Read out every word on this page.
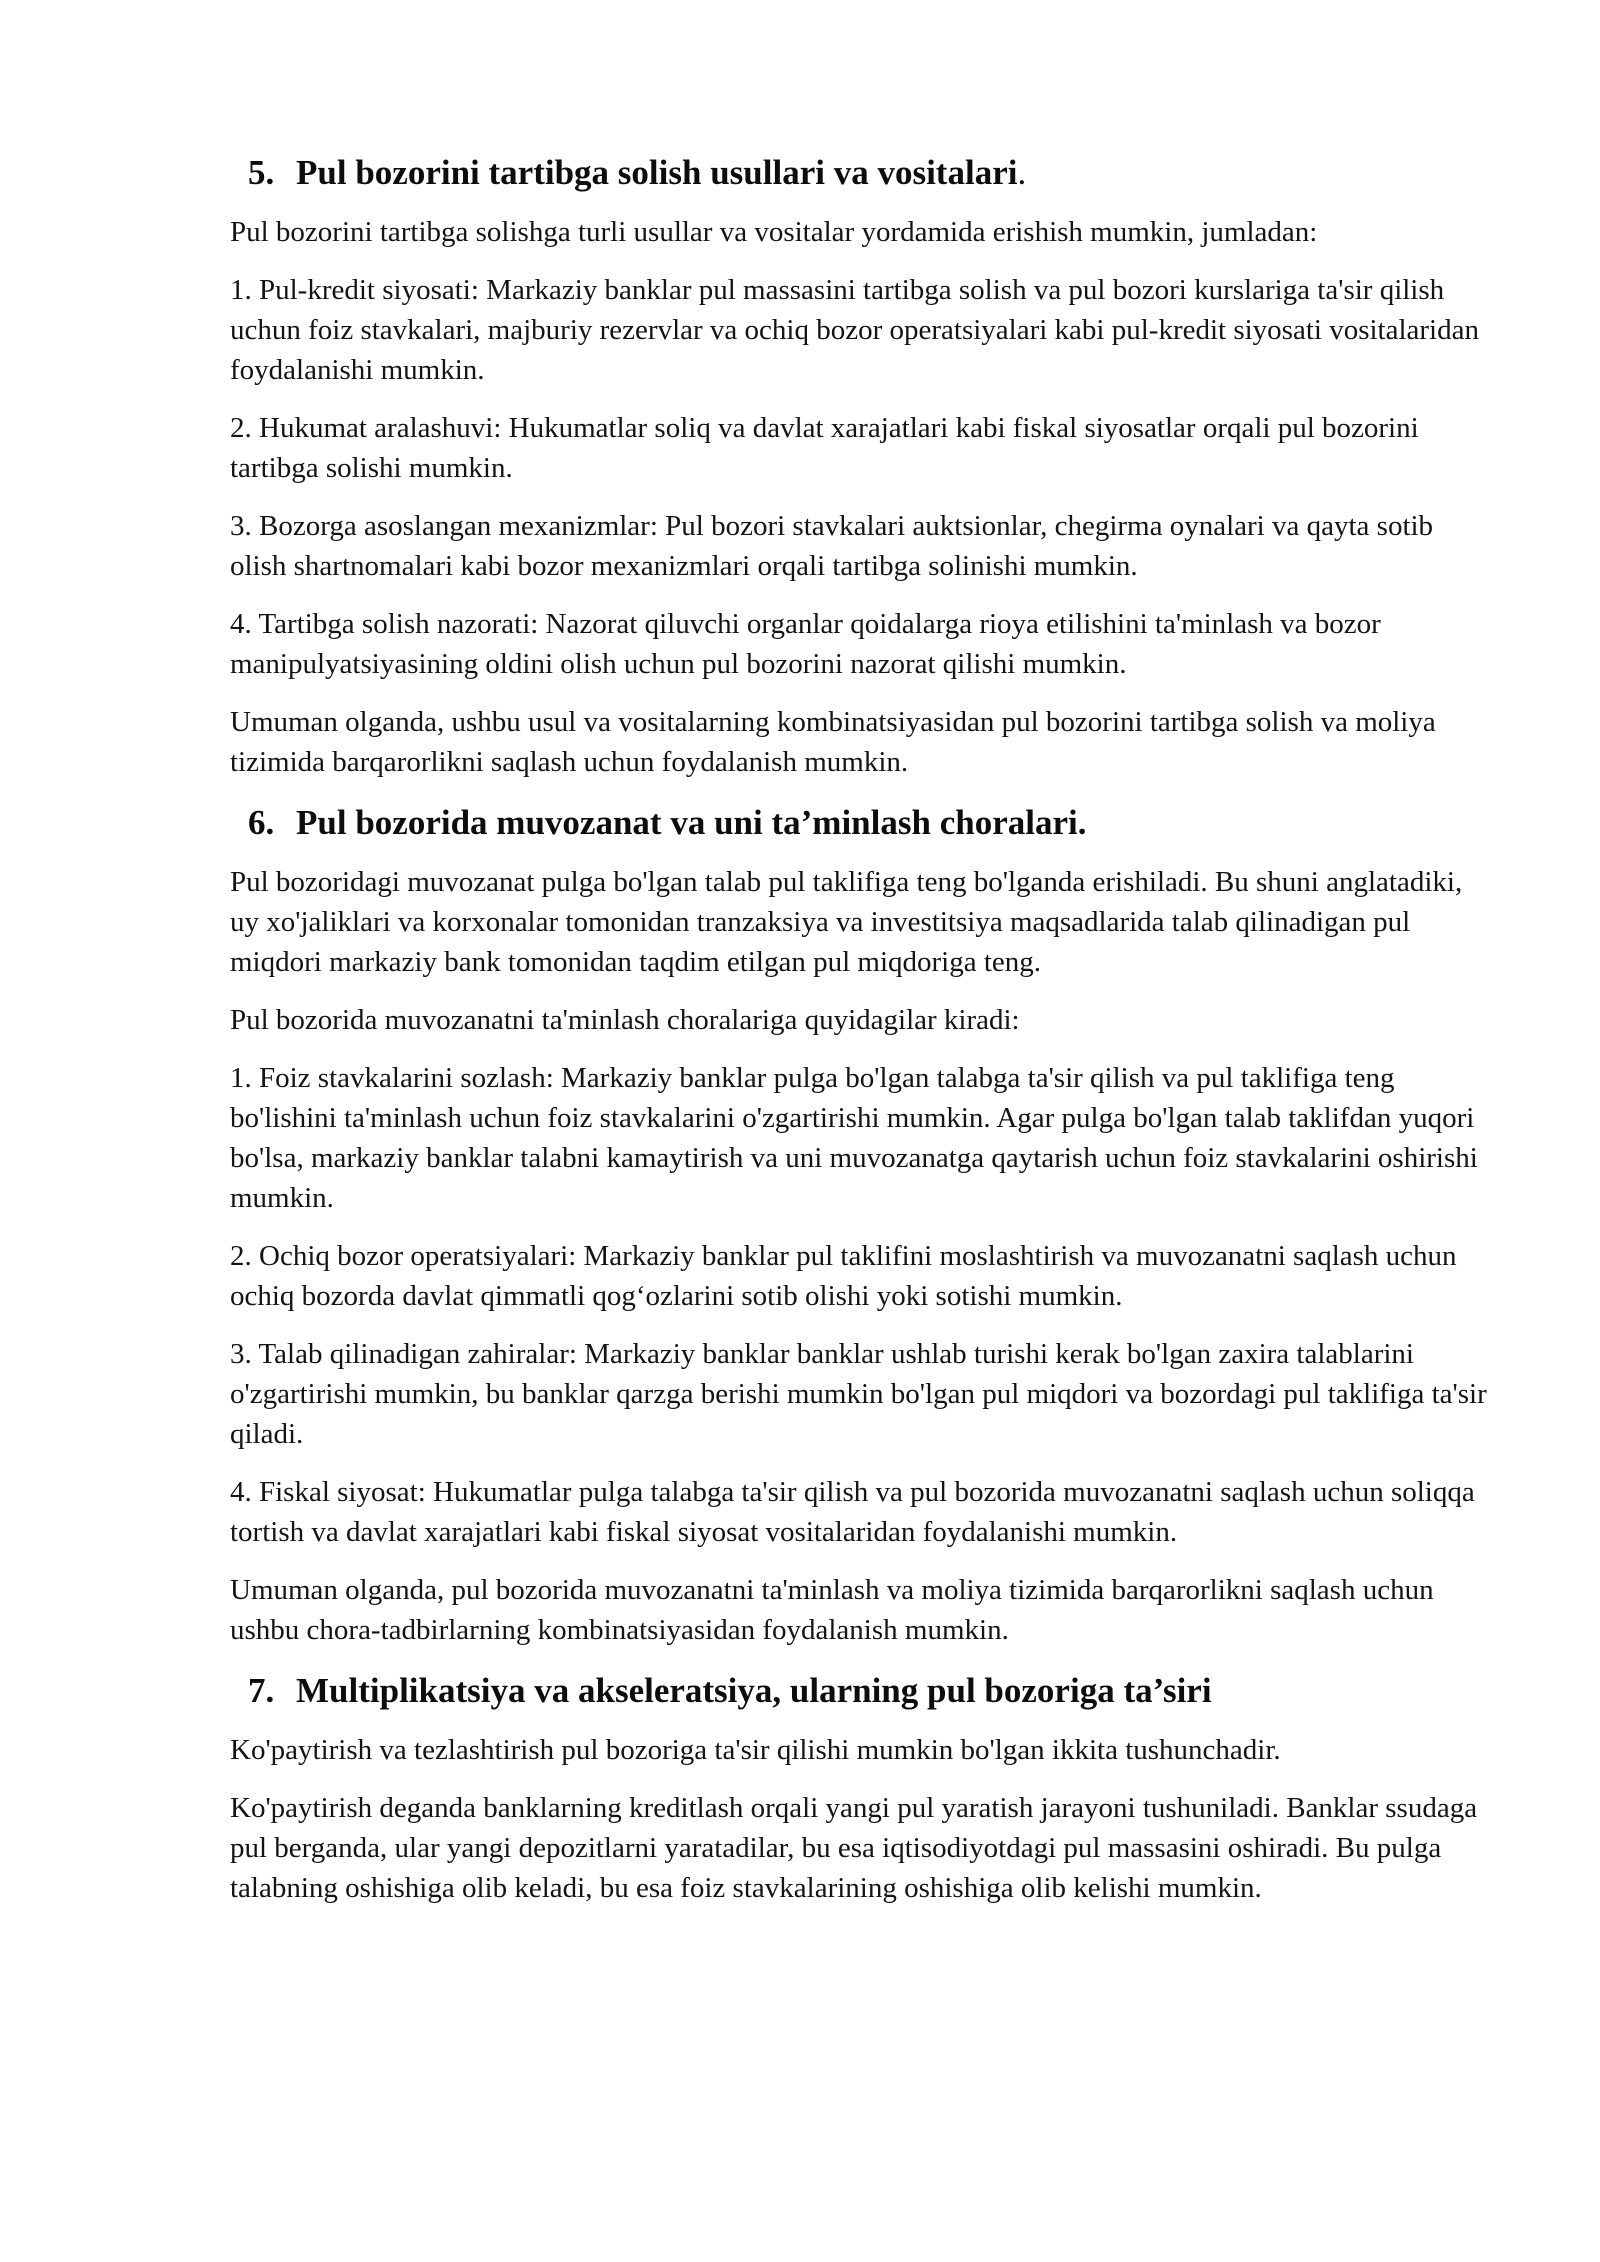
5. Pul bozorini tartibga solish usullari va vositalari.

Pul bozorini tartibga solishga turli usullar va vositalar yordamida erishish mumkin, jumladan:

1. Pul-kredit siyosati: Markaziy banklar pul massasini tartibga solish va pul bozori kurslariga ta'sir qilish uchun foiz stavkalari, majburiy rezervlar va ochiq bozor operatsiyalari kabi pul-kredit siyosati vositalaridan foydalanishi mumkin.

2. Hukumat aralashuvi: Hukumatlar soliq va davlat xarajatlari kabi fiskal siyosatlar orqali pul bozorini tartibga solishi mumkin.

3. Bozorga asoslangan mexanizmlar: Pul bozori stavkalari auktsionlar, chegirma oynalari va qayta sotib olish shartnomalari kabi bozor mexanizmlari orqali tartibga solinishi mumkin.

4. Tartibga solish nazorati: Nazorat qiluvchi organlar qoidalarga rioya etilishini ta'minlash va bozor manipulyatsiyasining oldini olish uchun pul bozorini nazorat qilishi mumkin.

Umuman olganda, ushbu usul va vositalarning kombinatsiyasidan pul bozorini tartibga solish va moliya tizimida barqarorlikni saqlash uchun foydalanish mumkin.

6. Pul bozorida muvozanat va uni ta’minlash choralari.

Pul bozoridagi muvozanat pulga bo'lgan talab pul taklifiga teng bo'lganda erishiladi. Bu shuni anglatadiki, uy xo'jaliklari va korxonalar tomonidan tranzaksiya va investitsiya maqsadlarida talab qilinadigan pul miqdori markaziy bank tomonidan taqdim etilgan pul miqdoriga teng.

Pul bozorida muvozanatni ta'minlash choralariga quyidagilar kiradi:

1. Foiz stavkalarini sozlash: Markaziy banklar pulga bo'lgan talabga ta'sir qilish va pul taklifiga teng bo'lishini ta'minlash uchun foiz stavkalarini o'zgartirishi mumkin. Agar pulga bo'lgan talab taklifdan yuqori bo'lsa, markaziy banklar talabni kamaytirish va uni muvozanatga qaytarish uchun foiz stavkalarini oshirishi mumkin.

2. Ochiq bozor operatsiyalari: Markaziy banklar pul taklifini moslashtirish va muvozanatni saqlash uchun ochiq bozorda davlat qimmatli qog‘ozlarini sotib olishi yoki sotishi mumkin.

3. Talab qilinadigan zahiralar: Markaziy banklar banklar ushlab turishi kerak bo'lgan zaxira talablarini o'zgartirishi mumkin, bu banklar qarzga berishi mumkin bo'lgan pul miqdori va bozordagi pul taklifiga ta'sir qiladi.

4. Fiskal siyosat: Hukumatlar pulga talabga ta'sir qilish va pul bozorida muvozanatni saqlash uchun soliqqa tortish va davlat xarajatlari kabi fiskal siyosat vositalaridan foydalanishi mumkin.

Umuman olganda, pul bozorida muvozanatni ta'minlash va moliya tizimida barqarorlikni saqlash uchun ushbu chora-tadbirlarning kombinatsiyasidan foydalanish mumkin.

7. Multiplikatsiya va akseleratsiya, ularning pul bozoriga ta’siri

Ko'paytirish va tezlashtirish pul bozoriga ta'sir qilishi mumkin bo'lgan ikkita tushunchadir.

Ko'paytirish deganda banklarning kreditlash orqali yangi pul yaratish jarayoni tushuniladi. Banklar ssudaga pul berganda, ular yangi depozitlarni yaratadilar, bu esa iqtisodiyotdagi pul massasini oshiradi. Bu pulga talabning oshishiga olib keladi, bu esa foiz stavkalarining oshishiga olib kelishi mumkin.
